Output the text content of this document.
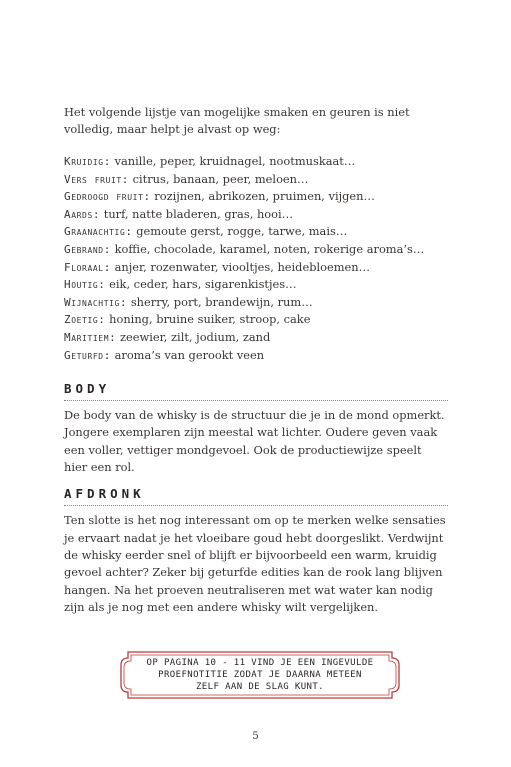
Het volgende lijstje van mogelijke smaken en geuren is niet volledig, maar helpt je alvast op weg:

Kruidig: vanille, peper, kruidnagel, nootmuskaat…
Vers fruit: citrus, banaan, peer, meloen…
Gedroogd fruit: rozijnen, abrikozen, pruimen, vijgen…
Aards: turf, natte bladeren, gras, hooi…
Graanachtig: gemoute gerst, rogge, tarwe, mais…
Gebrand: koffie, chocolade, karamel, noten, rokerige aroma’s…
Floraal: anjer, rozenwater, viooltjes, heidebloemen…
Houtig: eik, ceder, hars, sigarenkistjes…
Wijnachtig: sherry, port, brandewijn, rum…
Zoetig: honing, bruine suiker, stroop, cake
Maritiem: zeewier, zilt, jodium, zand
Geturfd: aroma’s van gerookt veen
BODY

De body van de whisky is de structuur die je in de mond opmerkt. Jongere exemplaren zijn meestal wat lichter. Oudere geven vaak een voller, vettiger mondgevoel. Ook de productiewijze speelt hier een rol.

AFDRONK

Ten slotte is het nog interessant om op te merken welke sensaties je ervaart nadat je het vloeibare goud hebt doorgeslikt. Verdwijnt de whisky eerder snel of blijft er bijvoorbeeld een warm, kruidig gevoel achter? Zeker bij geturfde edities kan de rook lang blijven hangen. Na het proeven neutraliseren met wat water kan nodig zijn als je nog met een andere whisky wilt vergelijken.

OP PAGINA 10 - 11 VIND JE EEN INGEVULDE
PROEFNOTITIE ZODAT JE DAARNA METEEN
ZELF AAN DE SLAG KUNT.
5
